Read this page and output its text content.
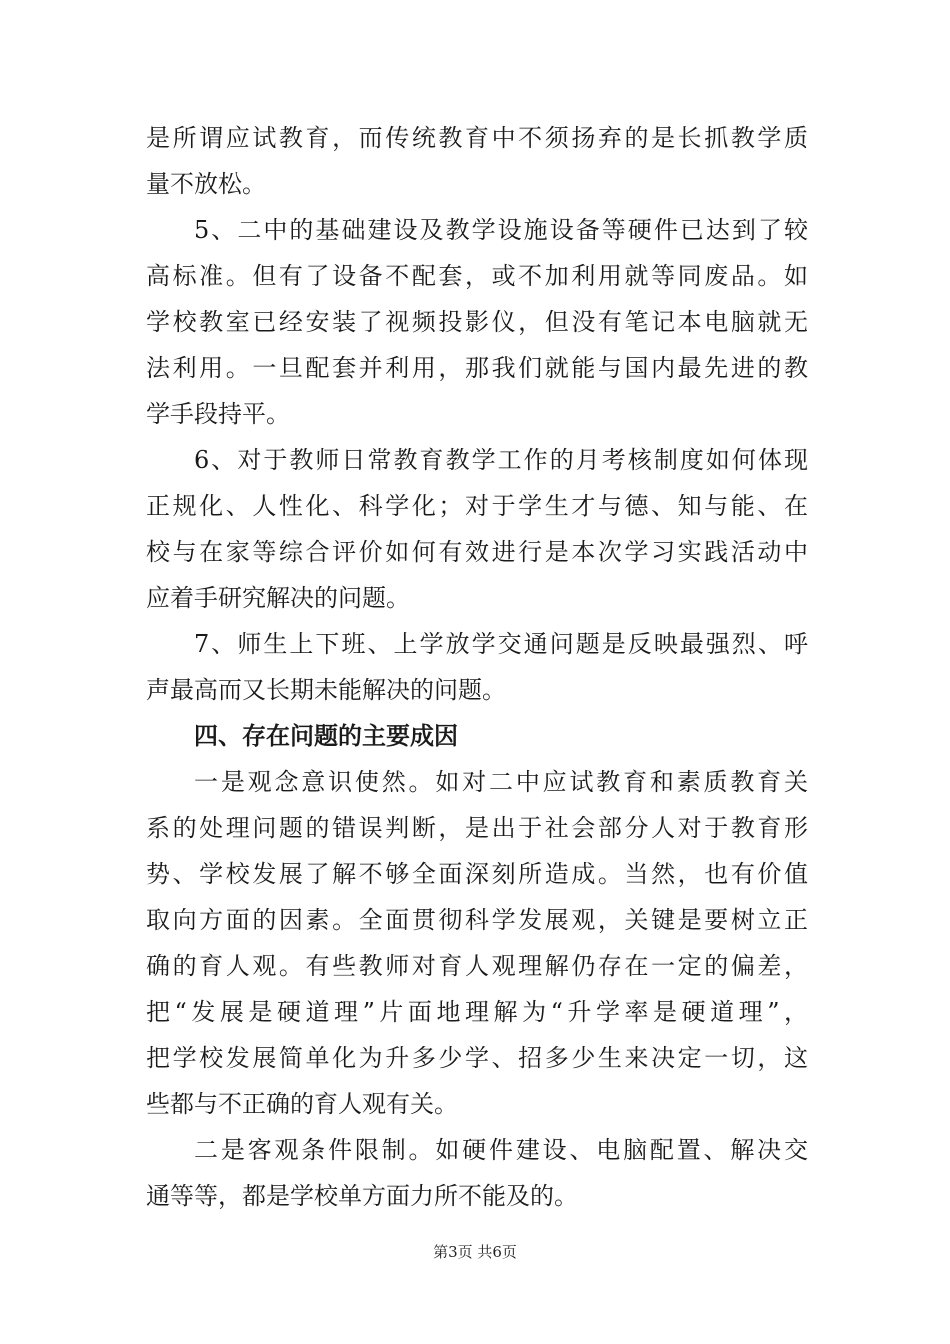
是所谓应试教育，而传统教育中不须扬弃的是长抓教学质
量不放松。
5、二中的基础建设及教学设施设备等硬件已达到了较
高标准。但有了设备不配套，或不加利用就等同废品。如
学校教室已经安装了视频投影仪，但没有笔记本电脑就无
法利用。一旦配套并利用，那我们就能与国内最先进的教
学手段持平。
6、对于教师日常教育教学工作的月考核制度如何体现
正规化、人性化、科学化；对于学生才与德、知与能、在
校与在家等综合评价如何有效进行是本次学习实践活动中
应着手研究解决的问题。
7、师生上下班、上学放学交通问题是反映最强烈、呼
声最高而又长期未能解决的问题。
四、存在问题的主要成因
一是观念意识使然。如对二中应试教育和素质教育关
系的处理问题的错误判断，是出于社会部分人对于教育形
势、学校发展了解不够全面深刻所造成。当然，也有价值
取向方面的因素。全面贯彻科学发展观，关键是要树立正
确的育人观。有些教师对育人观理解仍存在一定的偏差，
把“发展是硬道理”片面地理解为“升学率是硬道理”，
把学校发展简单化为升多少学、招多少生来决定一切，这
些都与不正确的育人观有关。
二是客观条件限制。如硬件建设、电脑配置、解决交
通等等，都是学校单方面力所不能及的。
第3页 共6页
